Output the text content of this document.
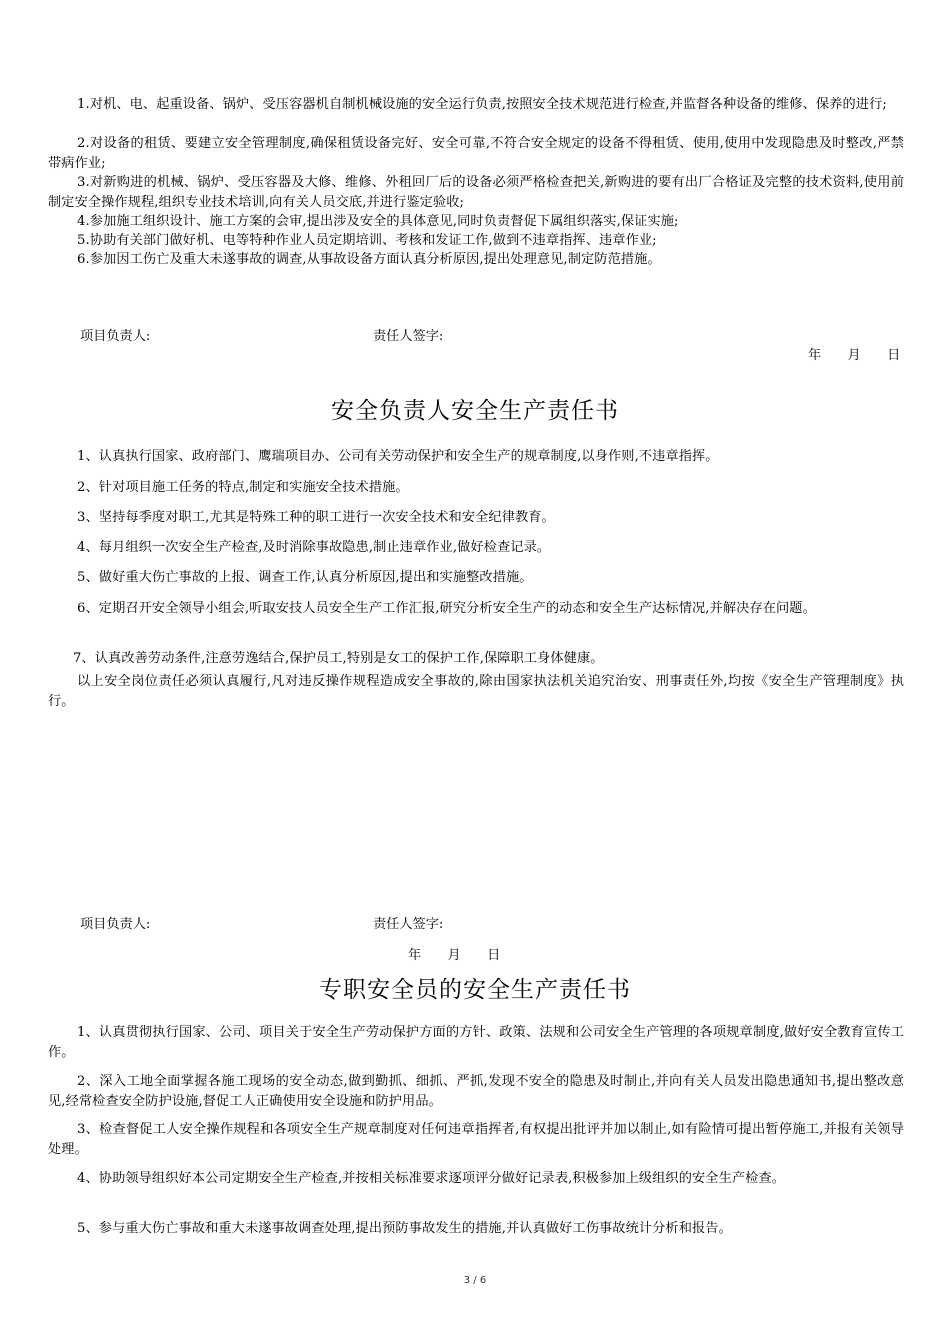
1.对机、电、起重设备、锅炉、受压容器机自制机械设施的安全运行负责,按照安全技术规范进行检查,并监督各种设备的维修、保养的进行;

2.对设备的租赁、要建立安全管理制度,确保租赁设备完好、安全可靠,不符合安全规定的设备不得租赁、使用,使用中发现隐患及时整改,严禁带病作业;

3.对新购进的机械、锅炉、受压容器及大修、维修、外租回厂后的设备必须严格检查把关,新购进的要有出厂合格证及完整的技术资料,使用前制定安全操作规程,组织专业技术培训,向有关人员交底,并进行鉴定验收;

4.参加施工组织设计、施工方案的会审,提出涉及安全的具体意见,同时负责督促下属组织落实,保证实施;

5.协助有关部门做好机、电等特种作业人员定期培训、考核和发证工作,做到不违章指挥、违章作业;

6.参加因工伤亡及重大未遂事故的调查,从事故设备方面认真分析原因,提出处理意见,制定防范措施。

项目负责人:	责任人签字:
年　　月　　日
安全负责人安全生产责任书

1、认真执行国家、政府部门、鹰瑞项目办、公司有关劳动保护和安全生产的规章制度,以身作则,不违章指挥。

2、针对项目施工任务的特点,制定和实施安全技术措施。

3、坚持每季度对职工,尤其是特殊工种的职工进行一次安全技术和安全纪律教育。

4、每月组织一次安全生产检查,及时消除事故隐患,制止违章作业,做好检查记录。

5、做好重大伤亡事故的上报、调查工作,认真分析原因,提出和实施整改措施。

6、定期召开安全领导小组会,听取安技人员安全生产工作汇报,研究分析安全生产的动态和安全生产达标情况,并解决存在问题。

7、认真改善劳动条件,注意劳逸结合,保护员工,特别是女工的保护工作,保障职工身体健康。

以上安全岗位责任必须认真履行,凡对违反操作规程造成安全事故的,除由国家执法机关追究治安、刑事责任外,均按《安全生产管理制度》执行。

项目负责人:	责任人签字:
年　　月　　日
专职安全员的安全生产责任书

1、认真贯彻执行国家、公司、项目关于安全生产劳动保护方面的方针、政策、法规和公司安全生产管理的各项规章制度,做好安全教育宣传工作。

2、深入工地全面掌握各施工现场的安全动态,做到勤抓、细抓、严抓,发现不安全的隐患及时制止,并向有关人员发出隐患通知书,提出整改意见,经常检查安全防护设施,督促工人正确使用安全设施和防护用品。

3、检查督促工人安全操作规程和各项安全生产规章制度对任何违章指挥者,有权提出批评并加以制止,如有险情可提出暂停施工,并报有关领导处理。

4、协助领导组织好本公司定期安全生产检查,并按相关标准要求逐项评分做好记录表,积极参加上级组织的安全生产检查。

5、参与重大伤亡事故和重大未遂事故调查处理,提出预防事故发生的措施,并认真做好工伤事故统计分析和报告。

3 / 6
